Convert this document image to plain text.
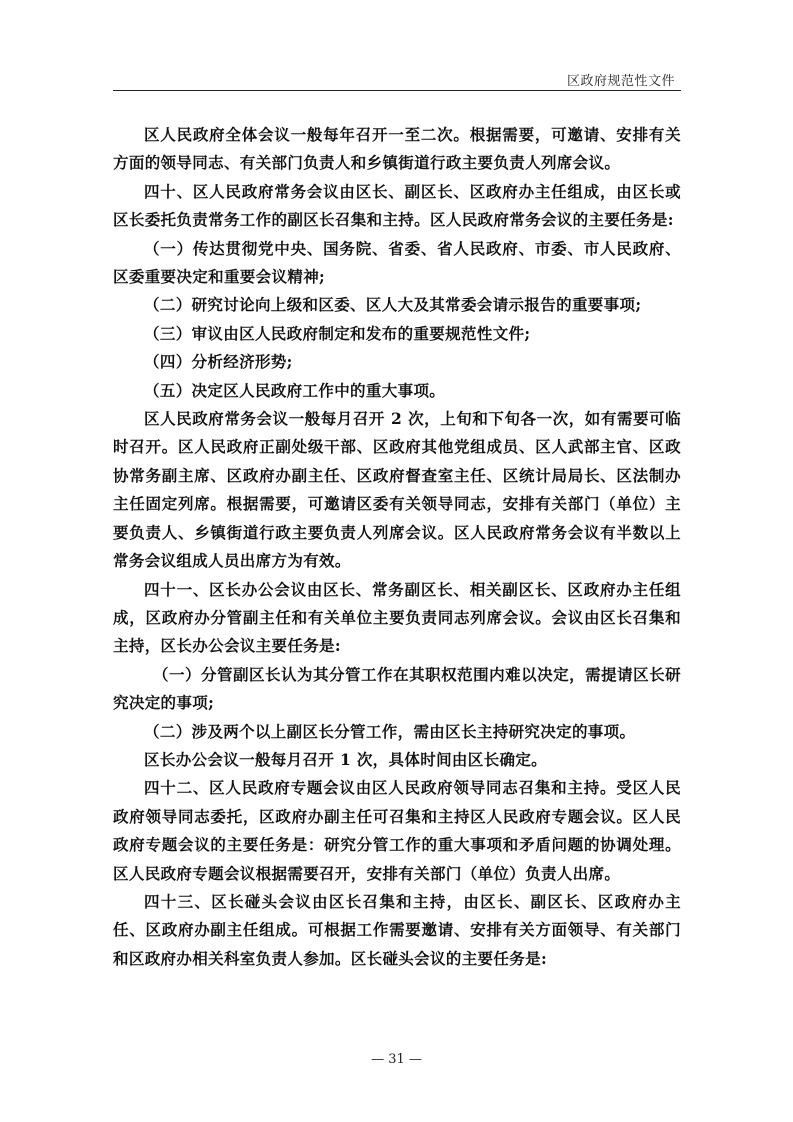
区政府规范性文件

区人民政府全体会议一般每年召开一至二次。根据需要，可邀请、安排有关方面的领导同志、有关部门负责人和乡镇街道行政主要负责人列席会议。

四十、区人民政府常务会议由区长、副区长、区政府办主任组成，由区长或区长委托负责常务工作的副区长召集和主持。区人民政府常务会议的主要任务是:

（一）传达贯彻党中央、国务院、省委、省人民政府、市委、市人民政府、区委重要决定和重要会议精神;

（二）研究讨论向上级和区委、区人大及其常委会请示报告的重要事项;

（三）审议由区人民政府制定和发布的重要规范性文件;

（四）分析经济形势;

（五）决定区人民政府工作中的重大事项。

区人民政府常务会议一般每月召开 2 次，上旬和下旬各一次，如有需要可临时召开。区人民政府正副处级干部、区政府其他党组成员、区人武部主官、区政协常务副主席、区政府办副主任、区政府督查室主任、区统计局局长、区法制办主任固定列席。根据需要，可邀请区委有关领导同志，安排有关部门（单位）主要负责人、乡镇街道行政主要负责人列席会议。区人民政府常务会议有半数以上常务会议组成人员出席方为有效。

四十一、区长办公会议由区长、常务副区长、相关副区长、区政府办主任组成，区政府办分管副主任和有关单位主要负责同志列席会议。会议由区长召集和主持，区长办公会议主要任务是:

（一）分管副区长认为其分管工作在其职权范围内难以决定，需提请区长研究决定的事项;

（二）涉及两个以上副区长分管工作，需由区长主持研究决定的事项。

区长办公会议一般每月召开 1 次，具体时间由区长确定。

四十二、区人民政府专题会议由区人民政府领导同志召集和主持。受区人民政府领导同志委托，区政府办副主任可召集和主持区人民政府专题会议。区人民政府专题会议的主要任务是：研究分管工作的重大事项和矛盾问题的协调处理。区人民政府专题会议根据需要召开，安排有关部门（单位）负责人出席。

四十三、区长碰头会议由区长召集和主持，由区长、副区长、区政府办主任、区政府办副主任组成。可根据工作需要邀请、安排有关方面领导、有关部门和区政府办相关科室负责人参加。区长碰头会议的主要任务是:

— 31 —
